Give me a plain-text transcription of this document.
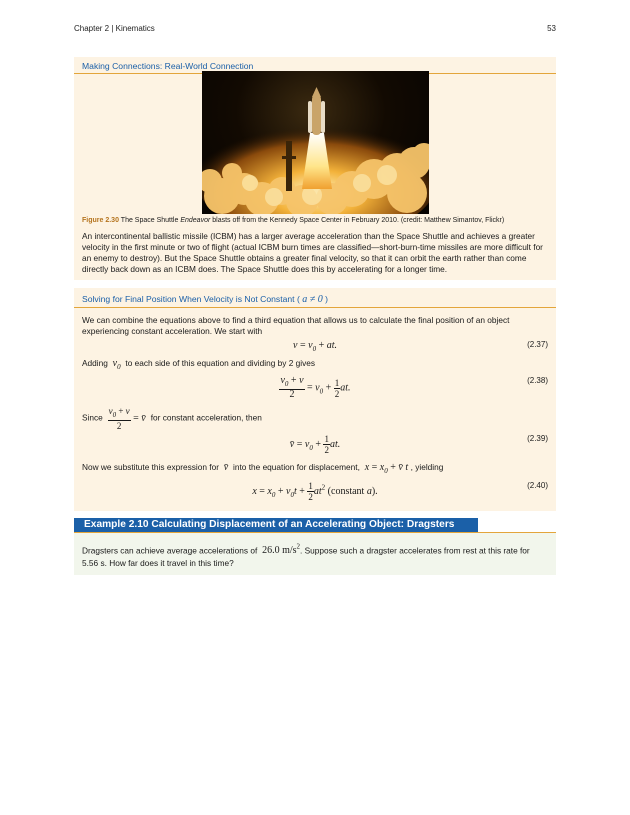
Chapter 2 | Kinematics	53
Making Connections: Real-World Connection
Figure 2.30 The Space Shuttle Endeavor blasts off from the Kennedy Space Center in February 2010. (credit: Matthew Simantov, Flickr)
An intercontinental ballistic missile (ICBM) has a larger average acceleration than the Space Shuttle and achieves a greater velocity in the first minute or two of flight (actual ICBM burn times are classified—short-burn-time missiles are more difficult for an enemy to destroy). But the Space Shuttle obtains a greater final velocity, so that it can orbit the earth rather than come directly back down as an ICBM does. The Space Shuttle does this by accelerating for a longer time.
Solving for Final Position When Velocity is Not Constant ( a ≠ 0 )
We can combine the equations above to find a third equation that allows us to calculate the final position of an object experiencing constant acceleration. We start with
$v = v_0$ + at.	(2.37)
Adding  $v_0$ to each side of this equation and dividing by 2 gives
$\frac{v_0 + v}{2} = v_0 + \frac{1}{2}$ at.
(2.38)
Since $\frac{v_0 + v}{2}$ = v̄  for constant acceleration, then
v̄ = $v_0 + \frac{1}{2}$ at.
(2.39)
Now we substitute this expression for  v̄  into the equation for displacement,  $x = x_0$ + v̄ t , yielding
$x = x_0 + v_0t + \frac{1}{2} at^2$ (constant a).
(2.40)
Example 2.10 Calculating Displacement of an Accelerating Object: Dragsters
Dragsters can achieve average accelerations of 26.0 $m/s^2$. Suppose such a dragster accelerates from rest at this rate for 5.56 s. How far does it travel in this time?
